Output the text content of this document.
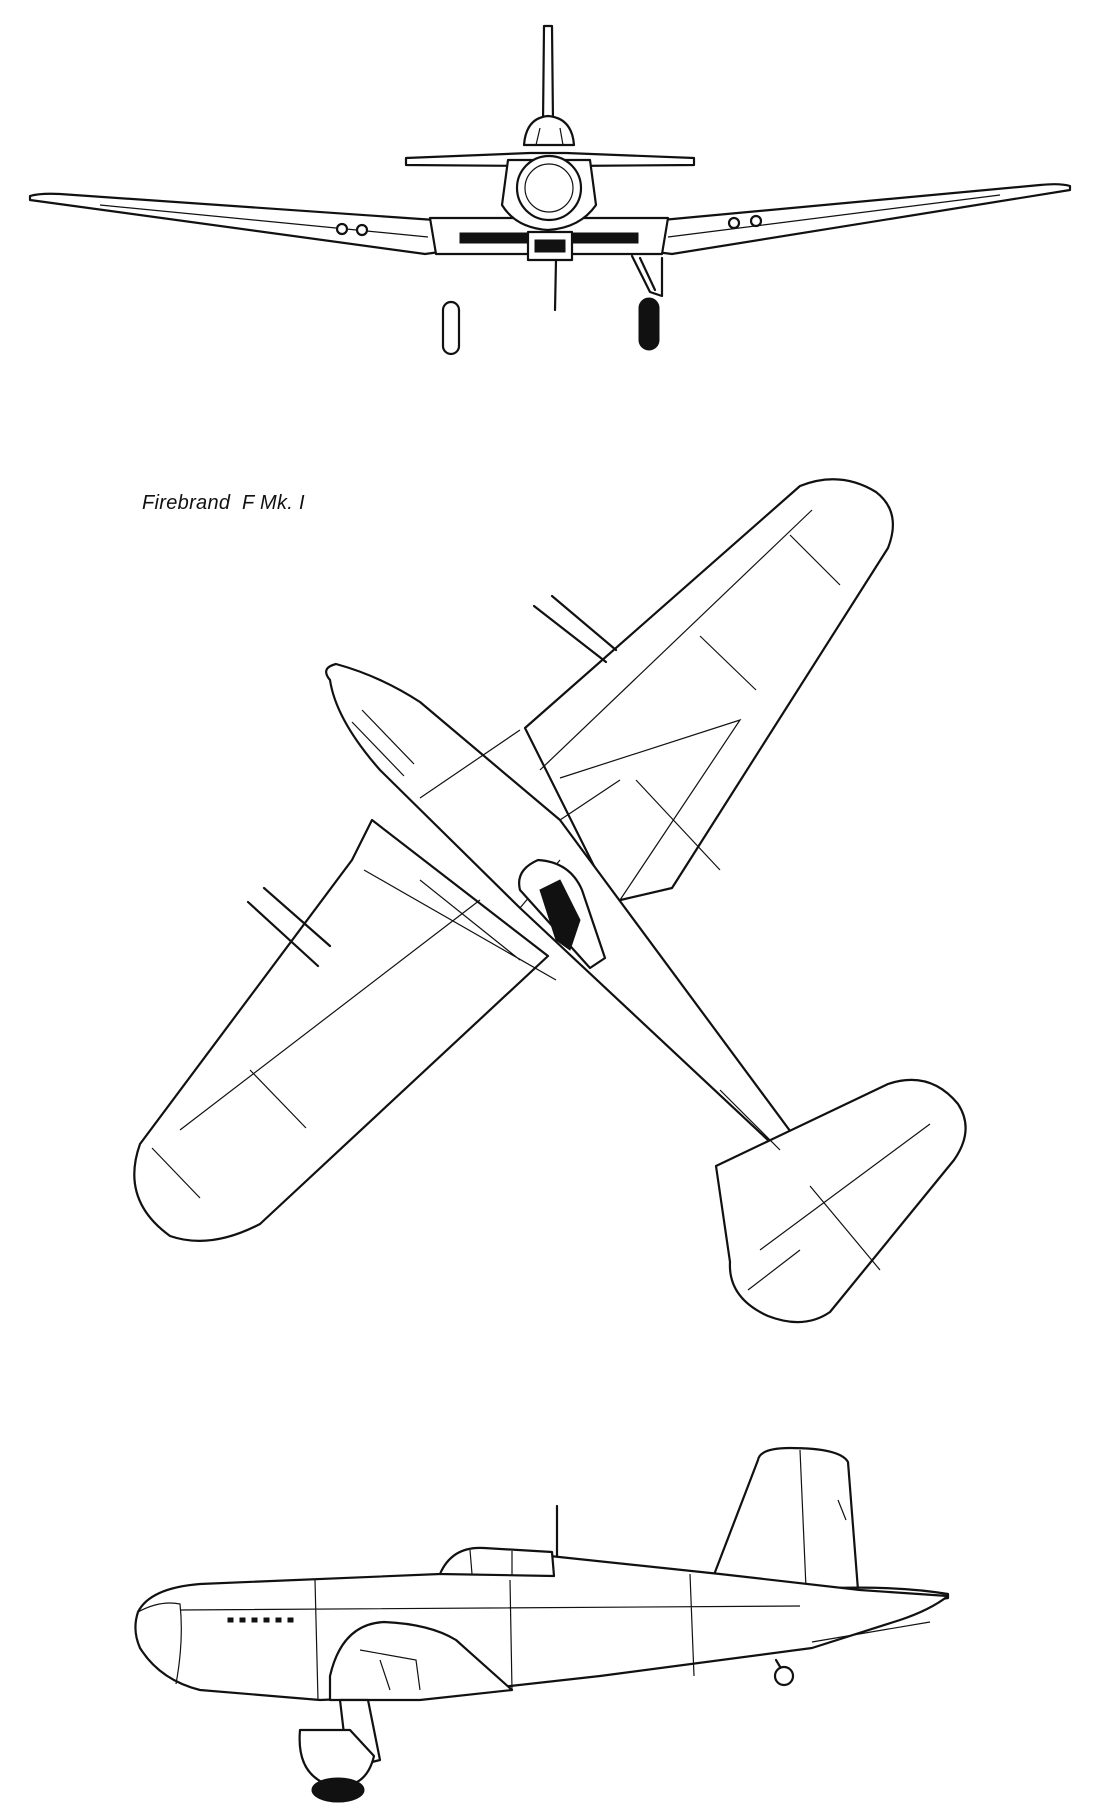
Firebrand  F Mk. I
